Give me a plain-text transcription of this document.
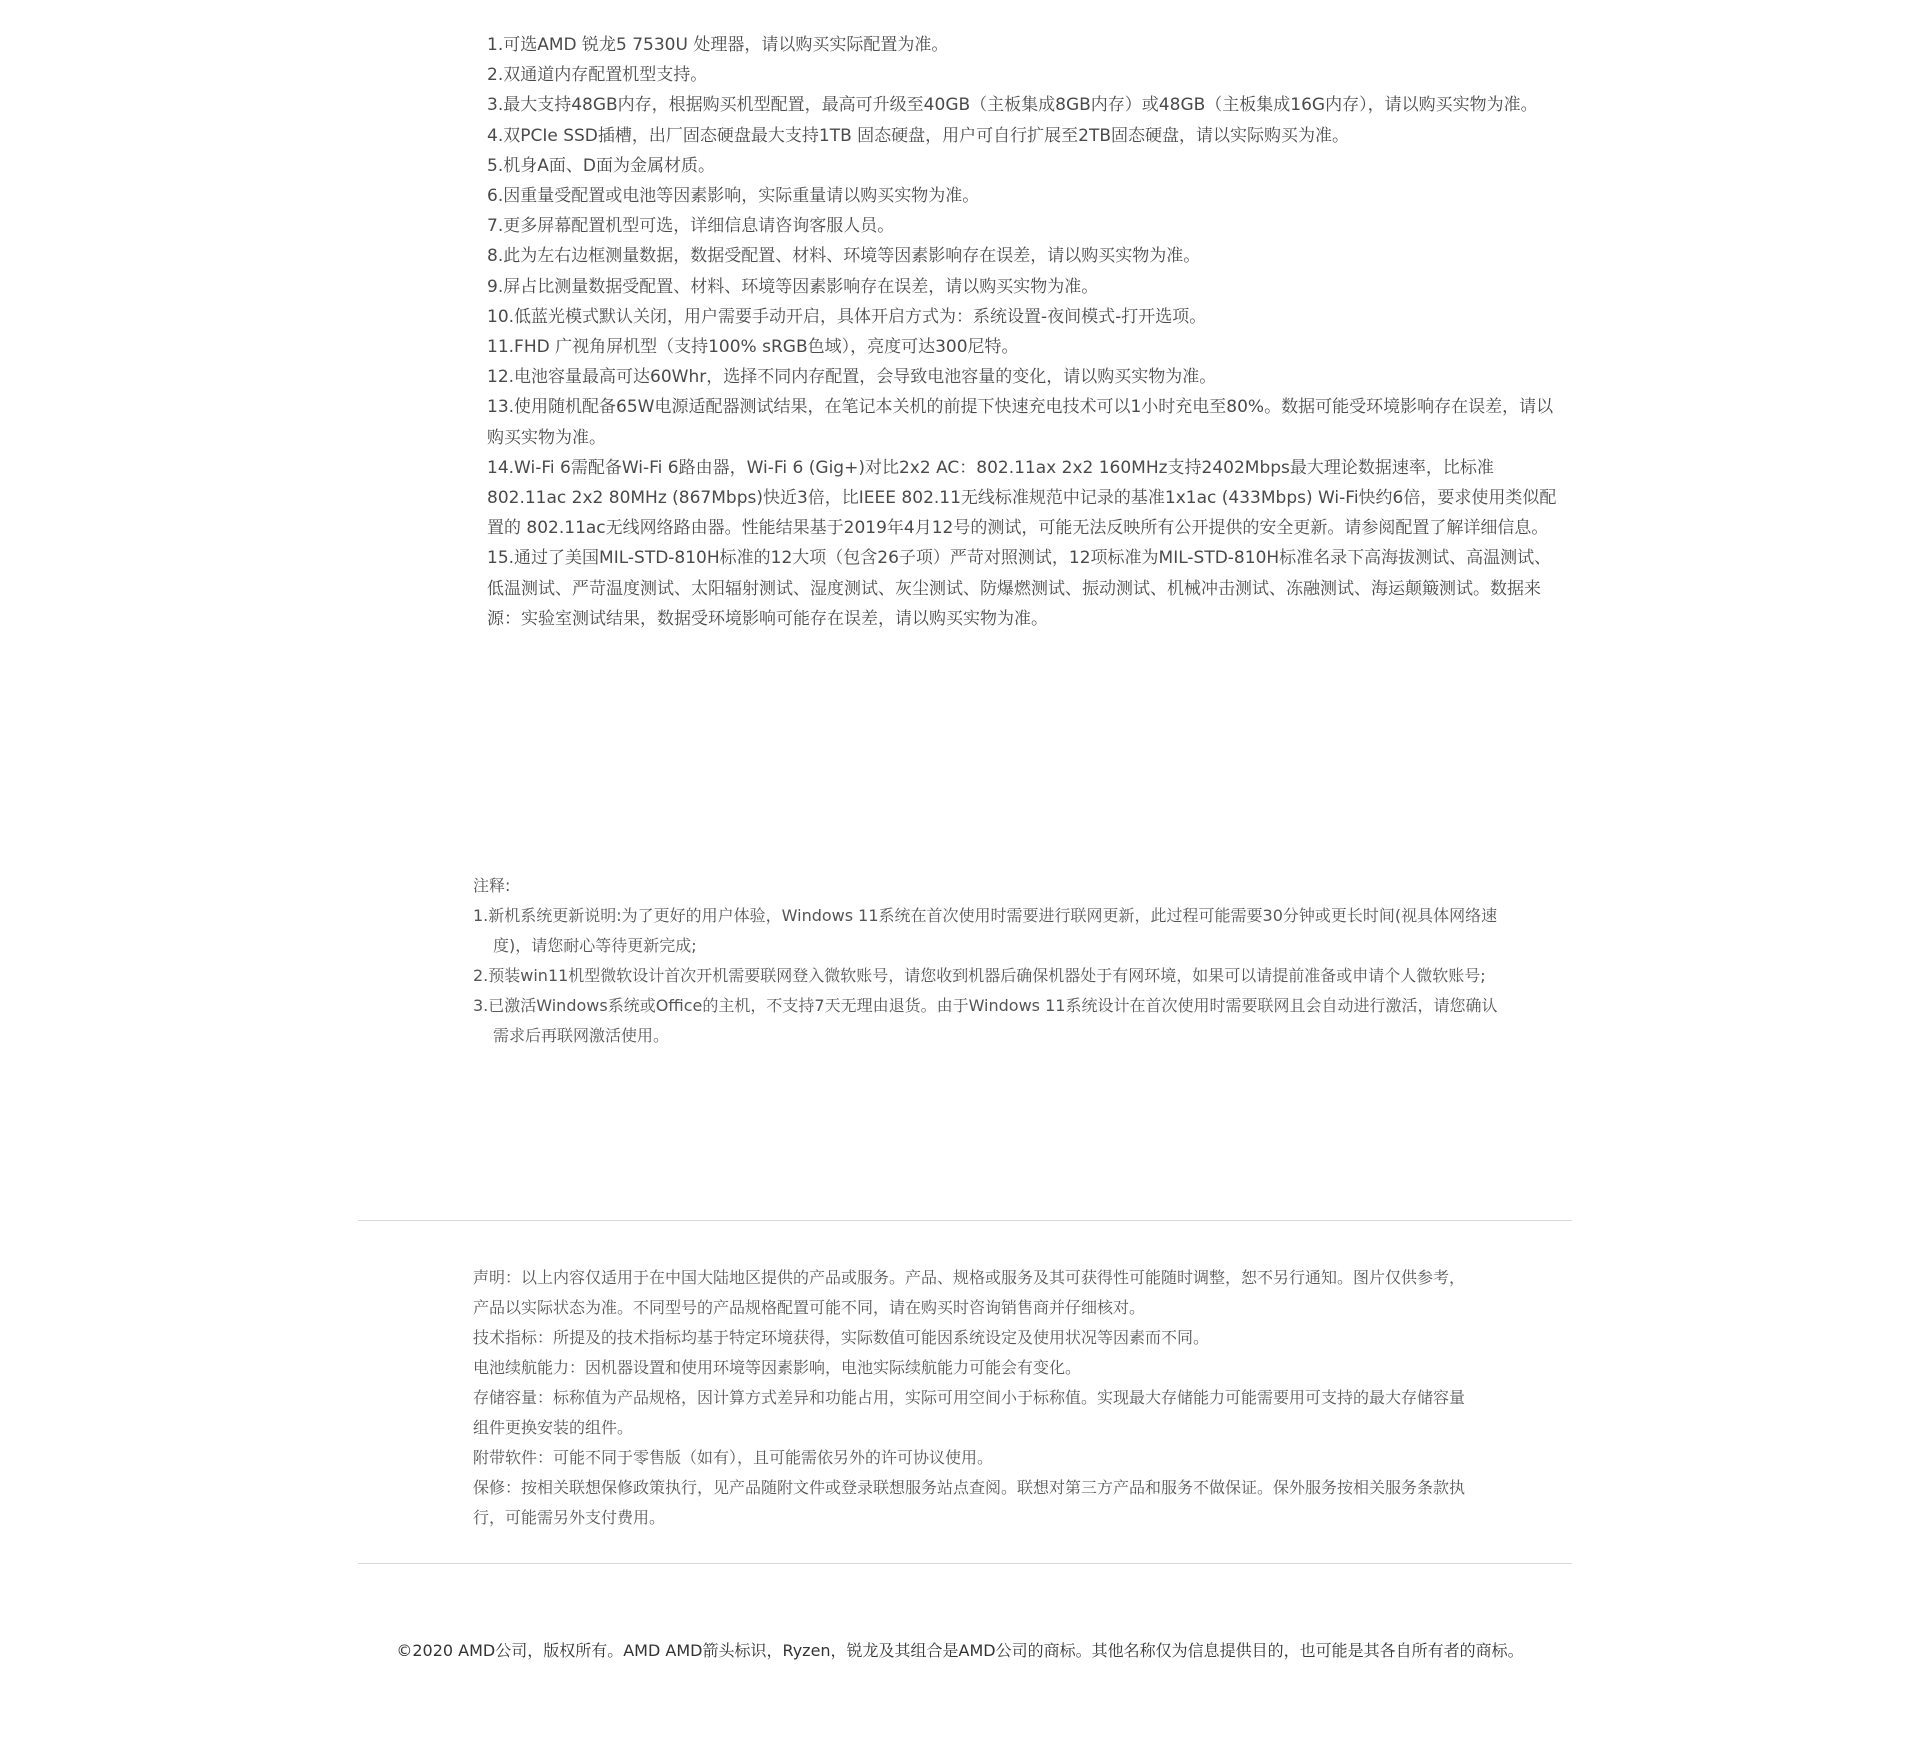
1.可选AMD 锐龙5 7530U 处理器，请以购买实际配置为准。
2.双通道内存配置机型支持。
3.最大支持48GB内存，根据购买机型配置，最高可升级至40GB（主板集成8GB内存）或48GB（主板集成16G内存），请以购买实物为准。
4.双PCIe SSD插槽，出厂固态硬盘最大支持1TB 固态硬盘，用户可自行扩展至2TB固态硬盘，请以实际购买为准。
5.机身A面、D面为金属材质。
6.因重量受配置或电池等因素影响，实际重量请以购买实物为准。
7.更多屏幕配置机型可选，详细信息请咨询客服人员。
8.此为左右边框测量数据，数据受配置、材料、环境等因素影响存在误差，请以购买实物为准。
9.屏占比测量数据受配置、材料、环境等因素影响存在误差，请以购买实物为准。
10.低蓝光模式默认关闭，用户需要手动开启，具体开启方式为：系统设置-夜间模式-打开选项。
11.FHD 广视角屏机型（支持100% sRGB色域），亮度可达300尼特。
12.电池容量最高可达60Whr，选择不同内存配置，会导致电池容量的变化，请以购买实物为准。
13.使用随机配备65W电源适配器测试结果，在笔记本关机的前提下快速充电技术可以1小时充电至80%。数据可能受环境影响存在误差，请以购买实物为准。
14.Wi-Fi 6需配备Wi-Fi 6路由器，Wi-Fi 6 (Gig+)对比2x2 AC：802.11ax 2x2 160MHz支持2402Mbps最大理论数据速率，比标准802.11ac 2x2 80MHz (867Mbps)快近3倍，比IEEE 802.11无线标准规范中记录的基准1x1ac (433Mbps) Wi-Fi快约6倍，要求使用类似配置的 802.11ac无线网络路由器。性能结果基于2019年4月12号的测试，可能无法反映所有公开提供的安全更新。请参阅配置了解详细信息。
15.通过了美国MIL-STD-810H标准的12大项（包含26子项）严苛对照测试，12项标准为MIL-STD-810H标准名录下高海拔测试、高温测试、低温测试、严苛温度测试、太阳辐射测试、湿度测试、灰尘测试、防爆燃测试、振动测试、机械冲击测试、冻融测试、海运颠簸测试。数据来源：实验室测试结果，数据受环境影响可能存在误差，请以购买实物为准。

注释:

1.新机系统更新说明:为了更好的用户体验，Windows 11系统在首次使用时需要进行联网更新，此过程可能需要30分钟或更长时间(视具体网络速度)，请您耐心等待更新完成;

2.预装win11机型微软设计首次开机需要联网登入微软账号，请您收到机器后确保机器处于有网环境，如果可以请提前准备或申请个人微软账号;

3.已激活Windows系统或Office的主机，不支持7天无理由退货。由于Windows 11系统设计在首次使用时需要联网且会自动进行激活，请您确认需求后再联网激活使用。

声明：以上内容仅适用于在中国大陆地区提供的产品或服务。产品、规格或服务及其可获得性可能随时调整，恕不另行通知。图片仅供参考，产品以实际状态为准。不同型号的产品规格配置可能不同，请在购买时咨询销售商并仔细核对。

技术指标：所提及的技术指标均基于特定环境获得，实际数值可能因系统设定及使用状况等因素而不同。

电池续航能力：因机器设置和使用环境等因素影响，电池实际续航能力可能会有变化。

存储容量：标称值为产品规格，因计算方式差异和功能占用，实际可用空间小于标称值。实现最大存储能力可能需要用可支持的最大存储容量组件更换安装的组件。

附带软件：可能不同于零售版（如有），且可能需依另外的许可协议使用。

保修：按相关联想保修政策执行，见产品随附文件或登录联想服务站点查阅。联想对第三方产品和服务不做保证。保外服务按相关服务条款执行，可能需另外支付费用。

©2020 AMD公司，版权所有。AMD AMD箭头标识，Ryzen，锐龙及其组合是AMD公司的商标。其他名称仅为信息提供目的，也可能是其各自所有者的商标。
